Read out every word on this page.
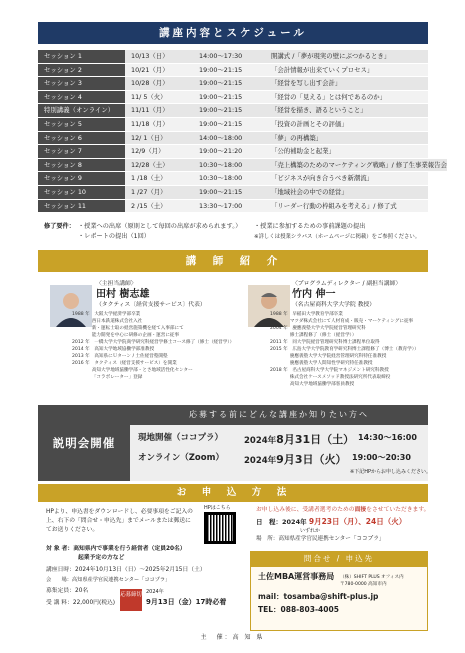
講座内容とスケジュール
セッション 1	10/13（日）	14:00〜17:30	開講式 /「夢が現実の壁にぶつかるとき」
セッション 2	10/21（月）	19:00〜21:15	「会計情報が出来ていくプロセス」
セッション 3	10/28（月）	19:00〜21:15	「経営を写し出す会計」
セッション 4	11/ 5（火）	19:00〜21:15	「経営の「見える」とは何であるのか」
特別講義（オンライン）	11/11（月）	19:00〜21:15	「経営を描き、語るということ」
セッション 5	11/18（月）	19:00〜21:15	「投資の計画とその評価」
セッション 6	12/ 1（日）	14:00〜18:00	「夢」の再構築」
セッション 7	12/9（月）	19:00〜21:20	「公的補助金と起業」
セッション 8	12/28（土）	10:30〜18:00	「売上構築のためのマーケティング戦略」/ 修了生事業報告会
セッション 9	1 /18（土）	10:30〜18:00	「ビジネスが向き合うべき新潮流」
セッション 10	1 /27（月）	19:00〜21:15	「地域社会の中での経営」
セッション 11	2 /15（土）	13:30〜17:00	「リーダー行動の枠組みを考える」/ 修了式
修了要件： ・授業への出席（原則として毎回の出席が求められます。）
・レポートの提出（1回）
・授業に参加するための事前課題の提出
※詳しくは授業シラバス（ホームページに掲載）をご参照ください。
講　師　紹　介
〈主担当講師〉
田村 樹志雄
（タクティス〔経営支援サービス〕代表）
1988 年　大阪大学経済学部卒業
　　　　 西日本鉄道株式会社入社
　　　　 新・運転士取の経営施策機を経て入事部にて
　　　　 能力開発を中心に研修の企画・運営に従事
2012 年　一橋大学大学院商学研究科経営学修士コース修了（修士（経営学））
2014 年　高知大学地域協働学部准教授
2013 年　高知県にＵターン / 土佐経営塾開塾
2016 年　タクティス（経営支援サービス）を開業
　　　　 高知大学地域協働学部・とさ地域活性化センター
　　　　 「コラボレーター」登録
〈プログラムディレクター / 副担当講師〉
竹内 伸一
（名古屋商科大学大学院 教授）
1988 年　早稲田大学教育学部卒業
　　　　 マツダ株式会社にて人材育成・販売・マーケティングに従事
2004 年　慶應義塾大学大学院経営管理研究科
　　　　 修士課程修了（修士（経営学））
2011 年　同大学院経営管理研究科博士課程単位取得
2015 年　広島大学大学院教育学研究科博士課程修了（博士（教育学））
　　　　 慶應義塾大学大学院経営管理研究科特任准教授
　　　　 慶應義塾大学人間知性学研究特任准教授
2018 年　名古屋商科大学大学院マネジメント研究科教授
　　　　 株式会社ケースメソッド教授法研究所代表取締役
　　　　 高知大学地域協働学部客員教授
説明会開催
応募する前にどんな講座か知りたい方へ
現地開催（ココプラ） 2024年8月31日（土） 14:30〜16:00
オンライン（Zoom） 2024年9月3日（火） 19:00〜20:30
※下記HPからお申し込みください。
お　申　込　方　法
HPより、申込書をダウンロードし、必要事項をご記入の上、右下の「問合せ・申込先」までメールまたは郵送にてお送りください。
HPはこちら	お申し込み後に、受講者選考のための面接をさせていただきます。
日　程：2024年 9月23日（月）、24日（火）
いずれか
場　所：高知県産学官民連携センター「ココプラ」
対 象 者：高知県内で事業を行う経営者（定員20名）
起業予定の方など
講座日時：2024年10月13日（日）〜2025年2月15日（土）
会　　場：高知県産学官民連携センター「ココプラ」
募集定員：20名
受 講 料：22,000円(税込)
応募締切 2024年
9月13日（金）17時必着
問合せ / 申込先
土佐MBA運営事務局 （株）SHIFT PLUS オフィス内
〒780-0000 高知市内
mail：tosamba@shift-plus.jp
TEL：088-803-4005
主　催：高 知 県
